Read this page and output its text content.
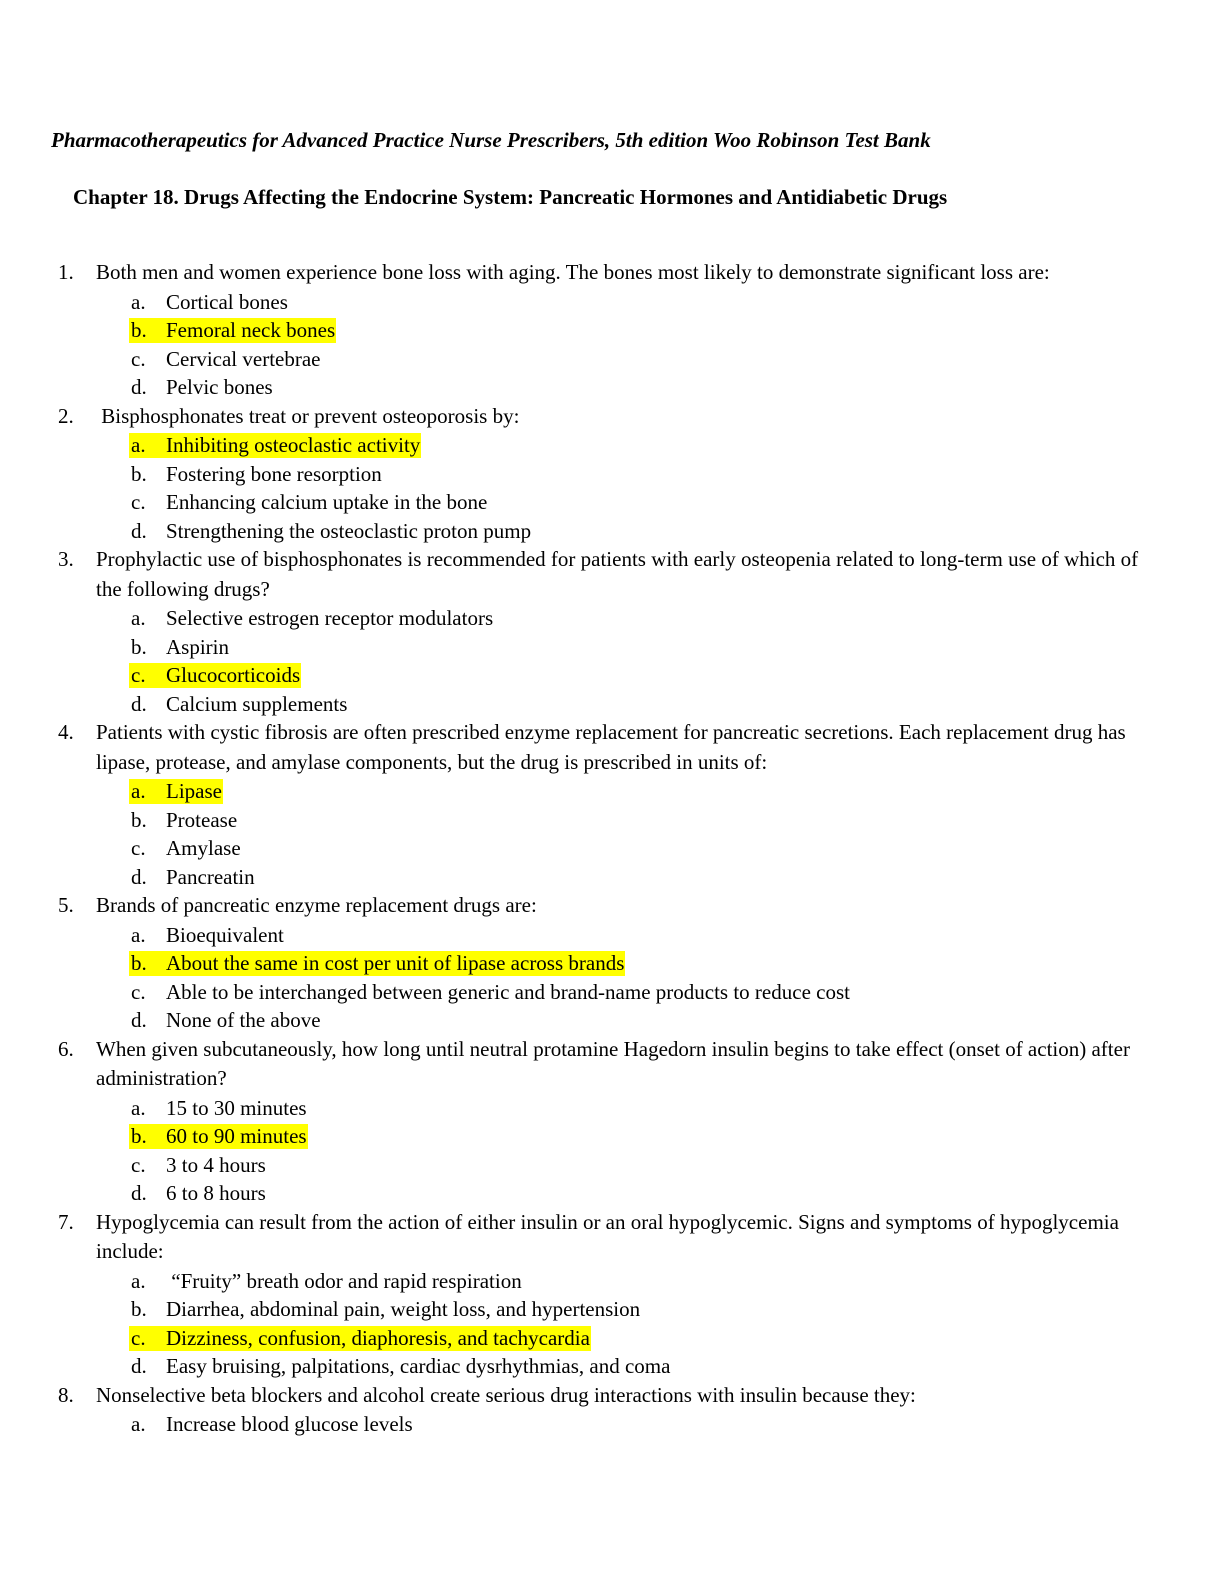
Pharmacotherapeutics for Advanced Practice Nurse Prescribers, 5th edition Woo Robinson Test Bank
Chapter 18. Drugs Affecting the Endocrine System: Pancreatic Hormones and Antidiabetic Drugs
1. Both men and women experience bone loss with aging. The bones most likely to demonstrate significant loss are:
a. Cortical bones
b. Femoral neck bones
c. Cervical vertebrae
d. Pelvic bones
2. Bisphosphonates treat or prevent osteoporosis by:
a. Inhibiting osteoclastic activity
b. Fostering bone resorption
c. Enhancing calcium uptake in the bone
d. Strengthening the osteoclastic proton pump
3. Prophylactic use of bisphosphonates is recommended for patients with early osteopenia related to long-term use of which of the following drugs?
a. Selective estrogen receptor modulators
b. Aspirin
c. Glucocorticoids
d. Calcium supplements
4. Patients with cystic fibrosis are often prescribed enzyme replacement for pancreatic secretions. Each replacement drug has lipase, protease, and amylase components, but the drug is prescribed in units of:
a. Lipase
b. Protease
c. Amylase
d. Pancreatin
5. Brands of pancreatic enzyme replacement drugs are:
a. Bioequivalent
b. About the same in cost per unit of lipase across brands
c. Able to be interchanged between generic and brand-name products to reduce cost
d. None of the above
6. When given subcutaneously, how long until neutral protamine Hagedorn insulin begins to take effect (onset of action) after administration?
a. 15 to 30 minutes
b. 60 to 90 minutes
c. 3 to 4 hours
d. 6 to 8 hours
7. Hypoglycemia can result from the action of either insulin or an oral hypoglycemic. Signs and symptoms of hypoglycemia include:
a. “Fruity” breath odor and rapid respiration
b. Diarrhea, abdominal pain, weight loss, and hypertension
c. Dizziness, confusion, diaphoresis, and tachycardia
d. Easy bruising, palpitations, cardiac dysrhythmias, and coma
8. Nonselective beta blockers and alcohol create serious drug interactions with insulin because they:
a. Increase blood glucose levels
